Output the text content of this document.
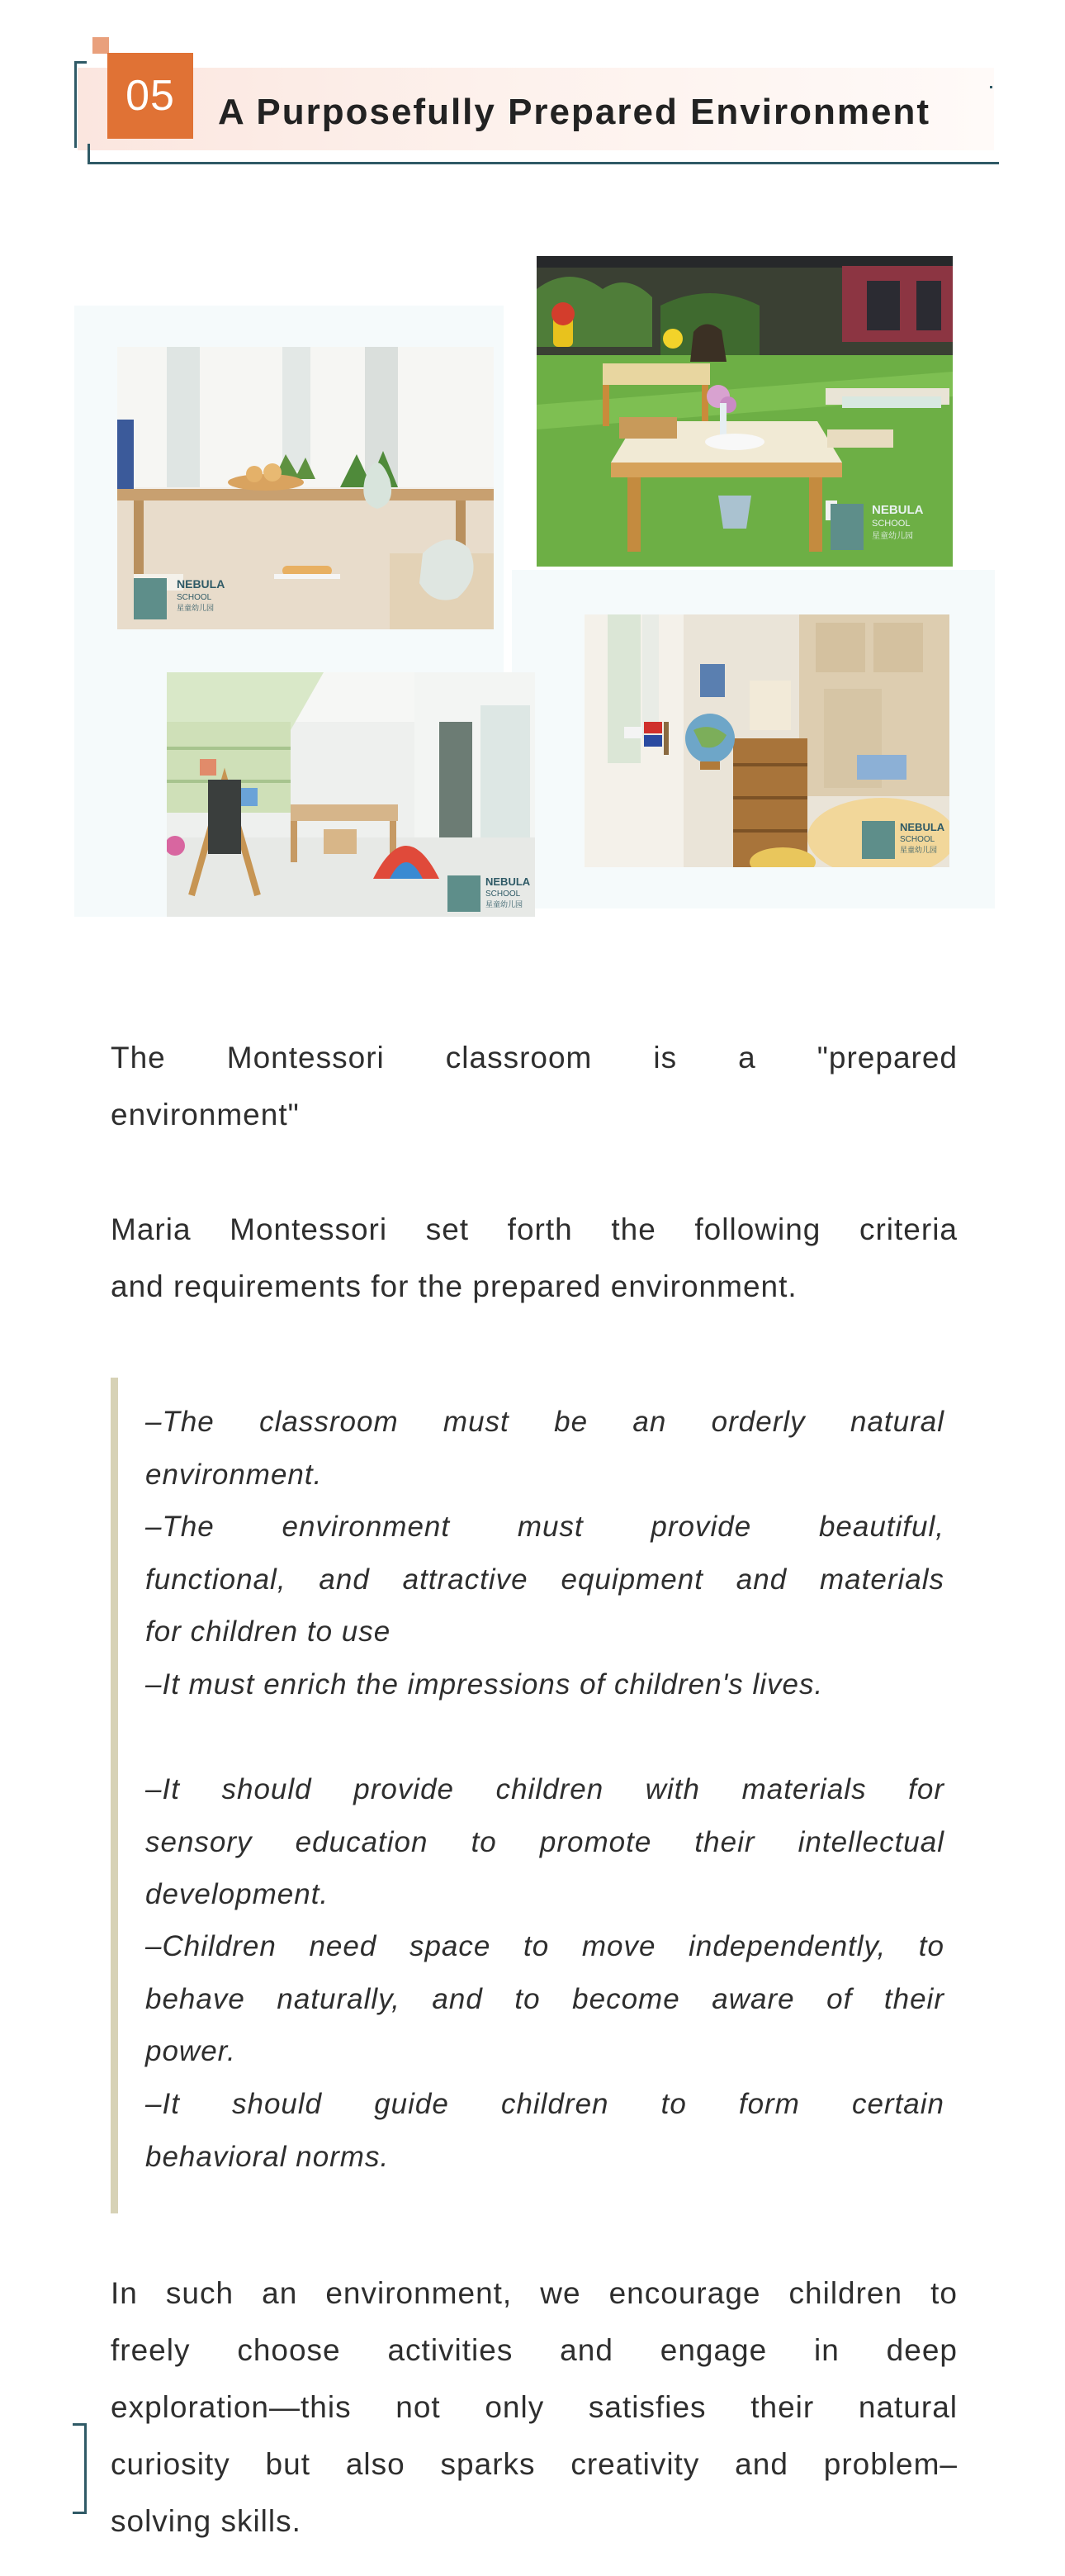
05	A Purposefully Prepared Environment
NEBULA
SCHOOL
星童幼儿园
NEBULA
SCHOOL
星童幼儿园
NEBULA
SCHOOL
星童幼儿园
NEBULA
SCHOOL
星童幼儿园

The Montessori classroom is a "prepared
environment"

Maria Montessori set forth the following criteria
and requirements for the prepared environment.

–The classroom must be an orderly natural
environment.
–The environment must provide beautiful,
functional, and attractive equipment and materials
for children to use
–It must enrich the impressions of children's lives.
–It should provide children with materials for
sensory education to promote their intellectual
development.
–Children need space to move independently, to
behave naturally, and to become aware of their
power.
–It should guide children to form certain
behavioral norms.

In such an environment, we encourage children to
freely choose activities and engage in deep
exploration—this not only satisfies their natural
curiosity but also sparks creativity and problem–
solving skills.
